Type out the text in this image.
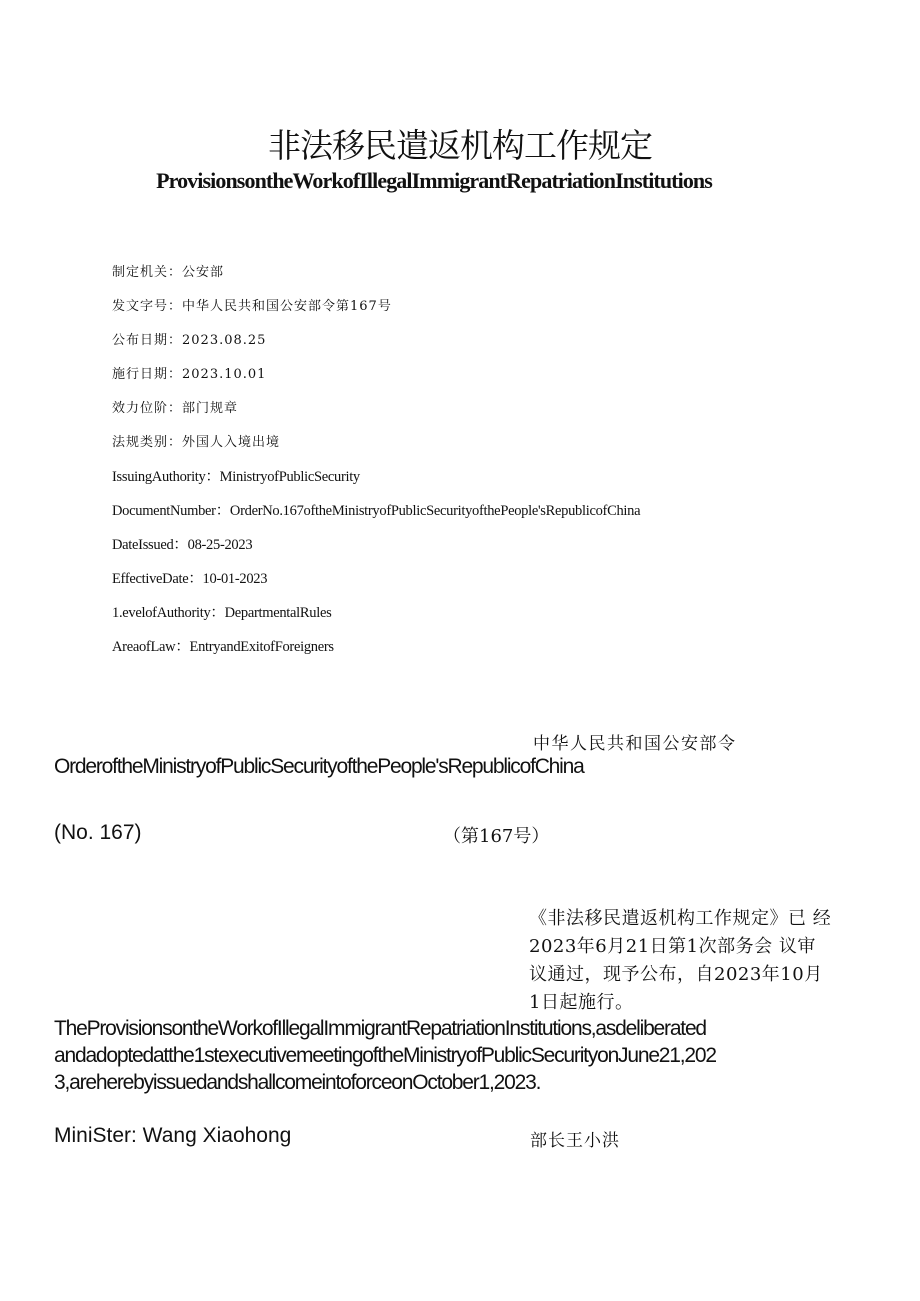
非法移民遣返机构工作规定
ProvisionsontheWorkofIllegalImmigrantRepatriationInstitutions
制定机关：公安部
发文字号：中华人民共和国公安部令第167号
公布日期：2023.08.25
施行日期：2023.10.01
效力位阶：部门规章
法规类别：外国人入境出境
IssuingAuthority：MinistryofPublicSecurity
DocumentNumber：OrderNo.167oftheMinistryofPublicSecurityofthePeople'sRepublicofChina
DateIssued：08-25-2023
EffectiveDate：10-01-2023
1.evelofAuthority：DepartmentalRules
AreaofLaw：EntryandExitofForeigners
中华人民共和国公安部令
OrderoftheMinistryofPublicSecurityofthePeople'sRepublicofChina
(No. 167)	（第167号）
《非法移民遣返机构工作规定》已 经
2023年6月21日第1次部务会 议审
议通过，现予公布，自2023年10月
1日起施行。
TheProvisionsontheWorkofIllegalImmigrantRepatriationInstitutions,asdeliberated
andadoptedatthe1stexecutivemeetingoftheMinistryofPublicSecurityonJune21,202
3,areherebyissuedandshallcomeintoforceonOctober1,2023.
MiniSter: Wang Xiaohong	部长王小洪
